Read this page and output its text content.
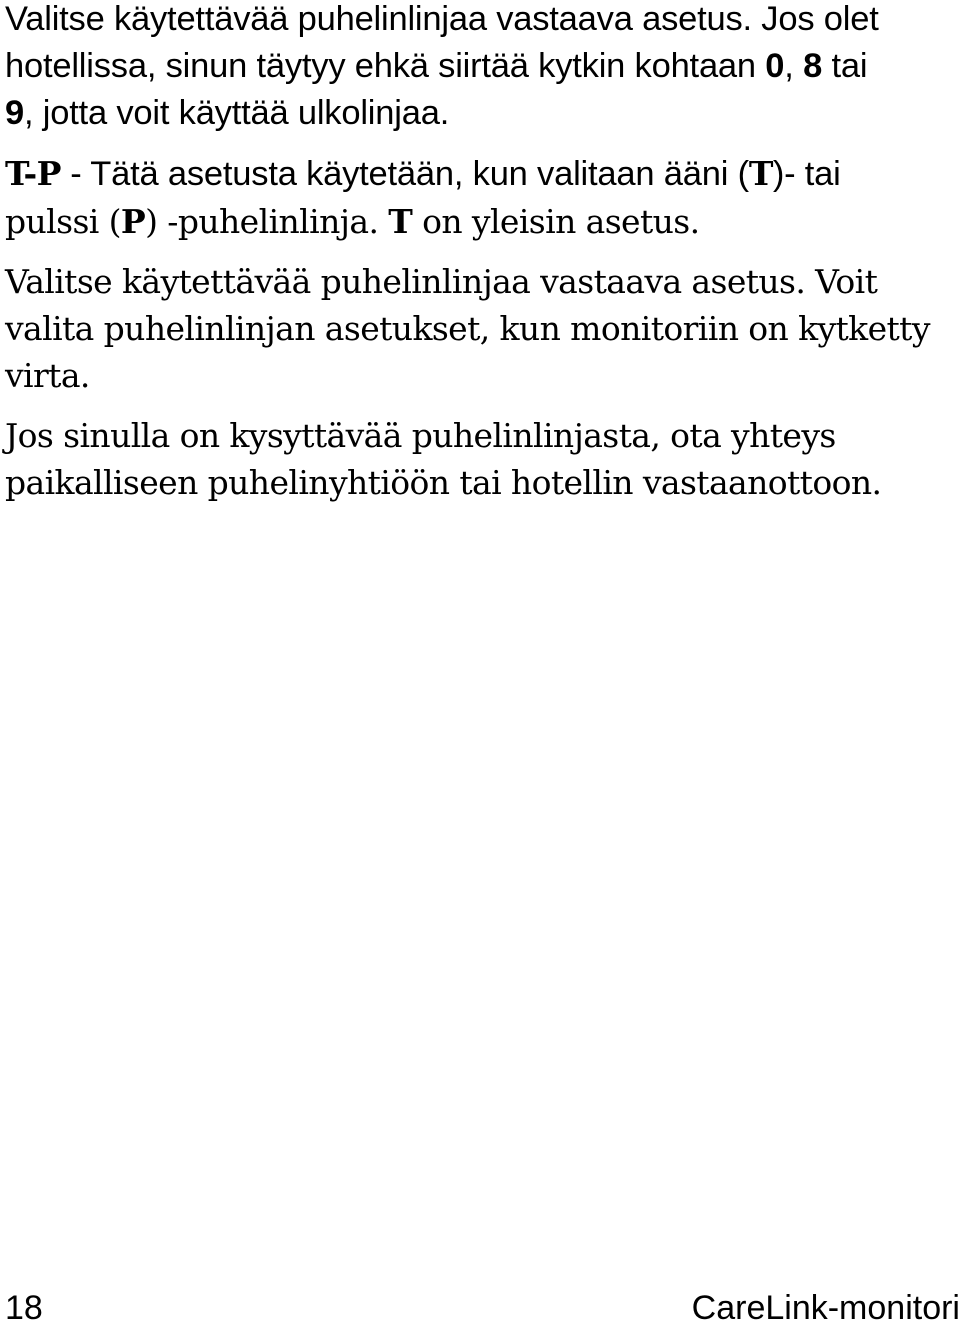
Valitse käytettävää puhelinlinjaa vastaava asetus. Jos olet
hotellissa, sinun täytyy ehkä siirtää kytkin kohtaan 0, 8 tai
9, jotta voit käyttää ulkolinjaa.
T-P - Tätä asetusta käytetään, kun valitaan ääni (T)- tai
pulssi (P) -puhelinlinja. T on yleisin asetus.
Valitse käytettävää puhelinlinjaa vastaava asetus. Voit
valita puhelinlinjan asetukset, kun monitoriin on kytketty
virta.
Jos sinulla on kysyttävää puhelinlinjasta, ota yhteys
paikalliseen puhelinyhtiöön tai hotellin vastaanottoon.
18	CareLink-monitori
